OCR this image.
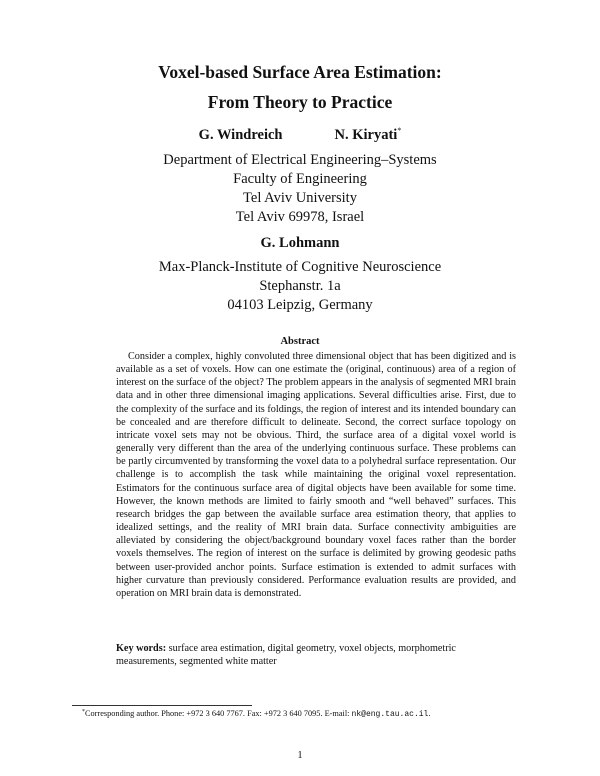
Voxel-based Surface Area Estimation:
From Theory to Practice
G. Windreich	N. Kiryati*
Department of Electrical Engineering–Systems
Faculty of Engineering
Tel Aviv University
Tel Aviv 69978, Israel
G. Lohmann
Max-Planck-Institute of Cognitive Neuroscience
Stephanstr. 1a
04103 Leipzig, Germany
Abstract

Consider a complex, highly convoluted three dimensional object that has been digitized and is available as a set of voxels. How can one estimate the (original, continuous) area of a region of interest on the surface of the object? The problem appears in the analysis of segmented MRI brain data and in other three dimensional imaging applications. Several difficulties arise. First, due to the complexity of the surface and its foldings, the region of interest and its intended boundary can be concealed and are therefore difficult to delineate. Second, the correct surface topology on intricate voxel sets may not be obvious. Third, the surface area of a digital voxel world is generally very different than the area of the underlying continuous surface. These problems can be partly circumvented by transforming the voxel data to a polyhedral surface representation. Our challenge is to accomplish the task while maintaining the original voxel representation. Estimators for the continuous surface area of digital objects have been available for some time. However, the known methods are limited to fairly smooth and “well behaved” surfaces. This research bridges the gap between the available surface area estimation theory, that applies to idealized settings, and the reality of MRI brain data. Surface connectivity ambiguities are alleviated by considering the object/background boundary voxel faces rather than the border voxels themselves. The region of interest on the surface is delimited by growing geodesic paths between user-provided anchor points. Surface estimation is extended to admit surfaces with higher curvature than previously considered. Performance evaluation results are provided, and operation on MRI brain data is demonstrated.

Key words: surface area estimation, digital geometry, voxel objects, morphometric measurements, segmented white matter

*Corresponding author. Phone: +972 3 640 7767. Fax: +972 3 640 7095. E-mail: nk@eng.tau.ac.il.
1
